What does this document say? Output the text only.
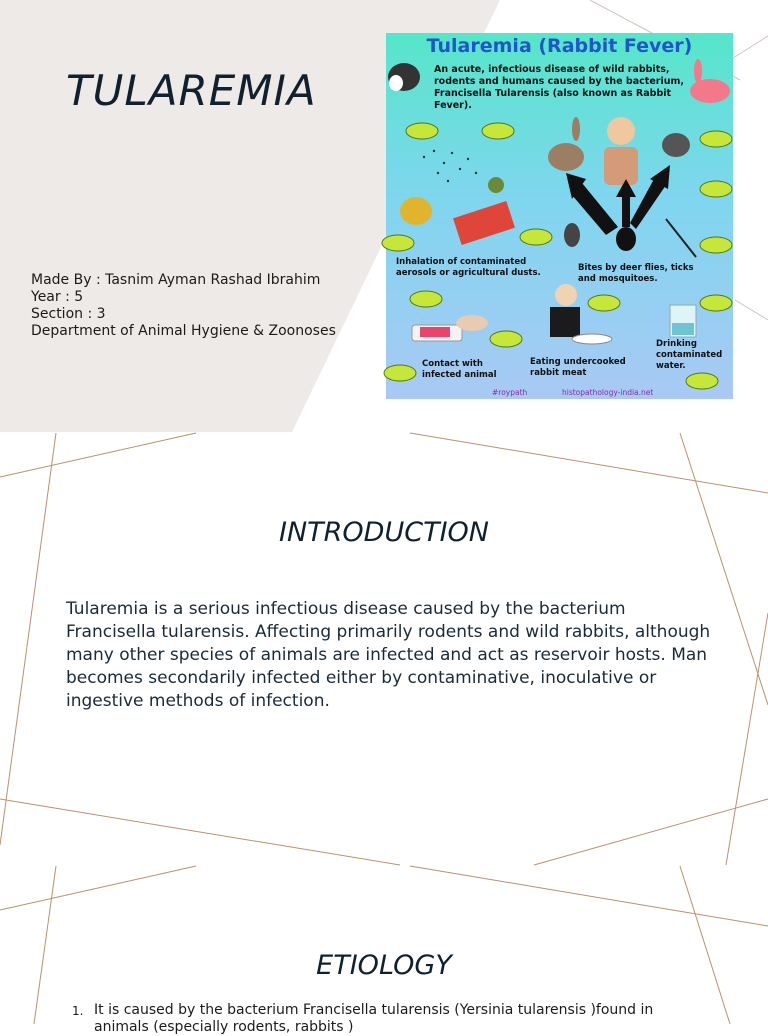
TULAREMIA
Made By : Tasnim Ayman Rashad Ibrahim
Year : 5
Section : 3
Department of Animal Hygiene & Zoonoses
Tularemia (Rabbit Fever)
An acute, infectious disease of wild rabbits, rodents and humans caused by the bacterium, Francisella Tularensis (also known as Rabbit Fever).
Inhalation of contaminated aerosols or agricultural dusts.	Bites by deer flies, ticks and mosquitoes.
Contact with infected animal
Eating undercooked rabbit meat
Drinking contaminated water.
#roypath	histopathology-india.net
INTRODUCTION

Tularemia is a serious infectious disease caused by the bacterium Francisella tularensis. Affecting primarily rodents and wild rabbits, although many other species of animals are infected and act as reservoir hosts. Man becomes secondarily infected either by contaminative, inoculative or ingestive methods of infection.

ETIOLOGY
1. It is caused by the bacterium Francisella tularensis (Yersinia tularensis )found in animals (especially rodents, rabbits )
